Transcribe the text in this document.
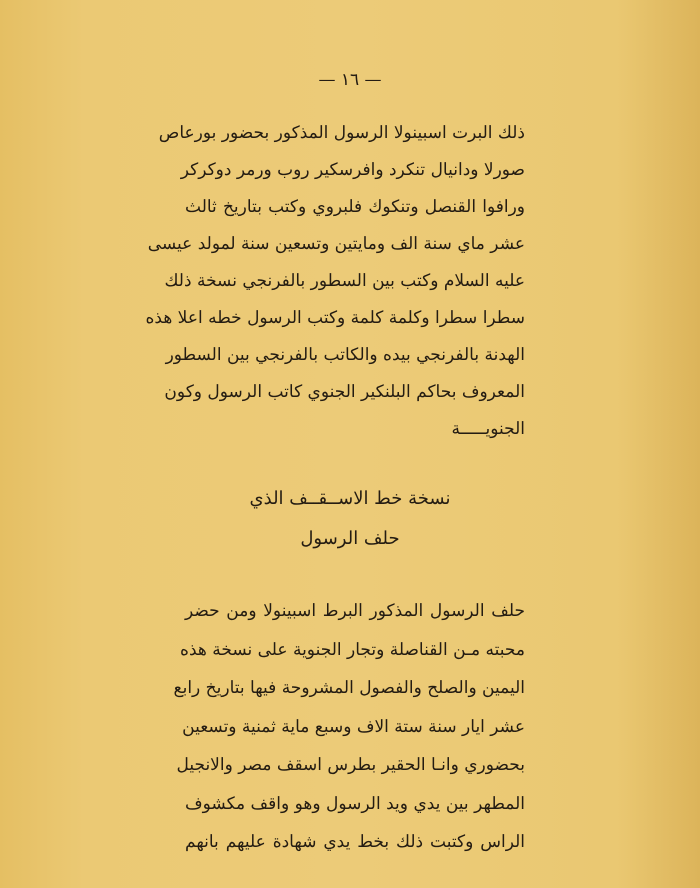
— ١٦ —
ذلك البرت اسبينولا الرسول المذكور بحضور بورعاص
صورلا ودانيال تنكرد وافرسكير روب ورمر دوكركر
ورافوا القنصل وتنكوك فلبروي وكتب بتاريخ ثالث
عشر ماي سنة الف ومايتين وتسعين سنة لمولد عيسى
عليه السلام وكتب بين السطور بالفرنجي نسخة ذلك
سطرا سطرا وكلمة كلمة وكتب الرسول خطه اعلا هذه
الهدنة بالفرنجي بيده والكاتب بالفرنجي بين السطور
المعروف بحاكم البلنكير الجنوي كاتب الرسول وكون
الجنويـــــة
نسخة خط الاســقــف الذي
حلف الرسول
حلف الرسول المذكور البرط اسبينولا ومن حضر
محبته مـن القناصلة وتجار الجنوية على نسخة هذه
اليمين والصلح والفصول المشروحة فيها بتاريخ رابع
عشر ايار سنة ستة الاف وسبع ماية ثمنية وتسعين
بحضوري وانـا الحقير بطرس اسقف مصر والانجيل
المطهر بين يدي ويد الرسول وهو واقف مكشوف
الراس وكتبت ذلك بخط يدي شهادة عليهم بانهم
